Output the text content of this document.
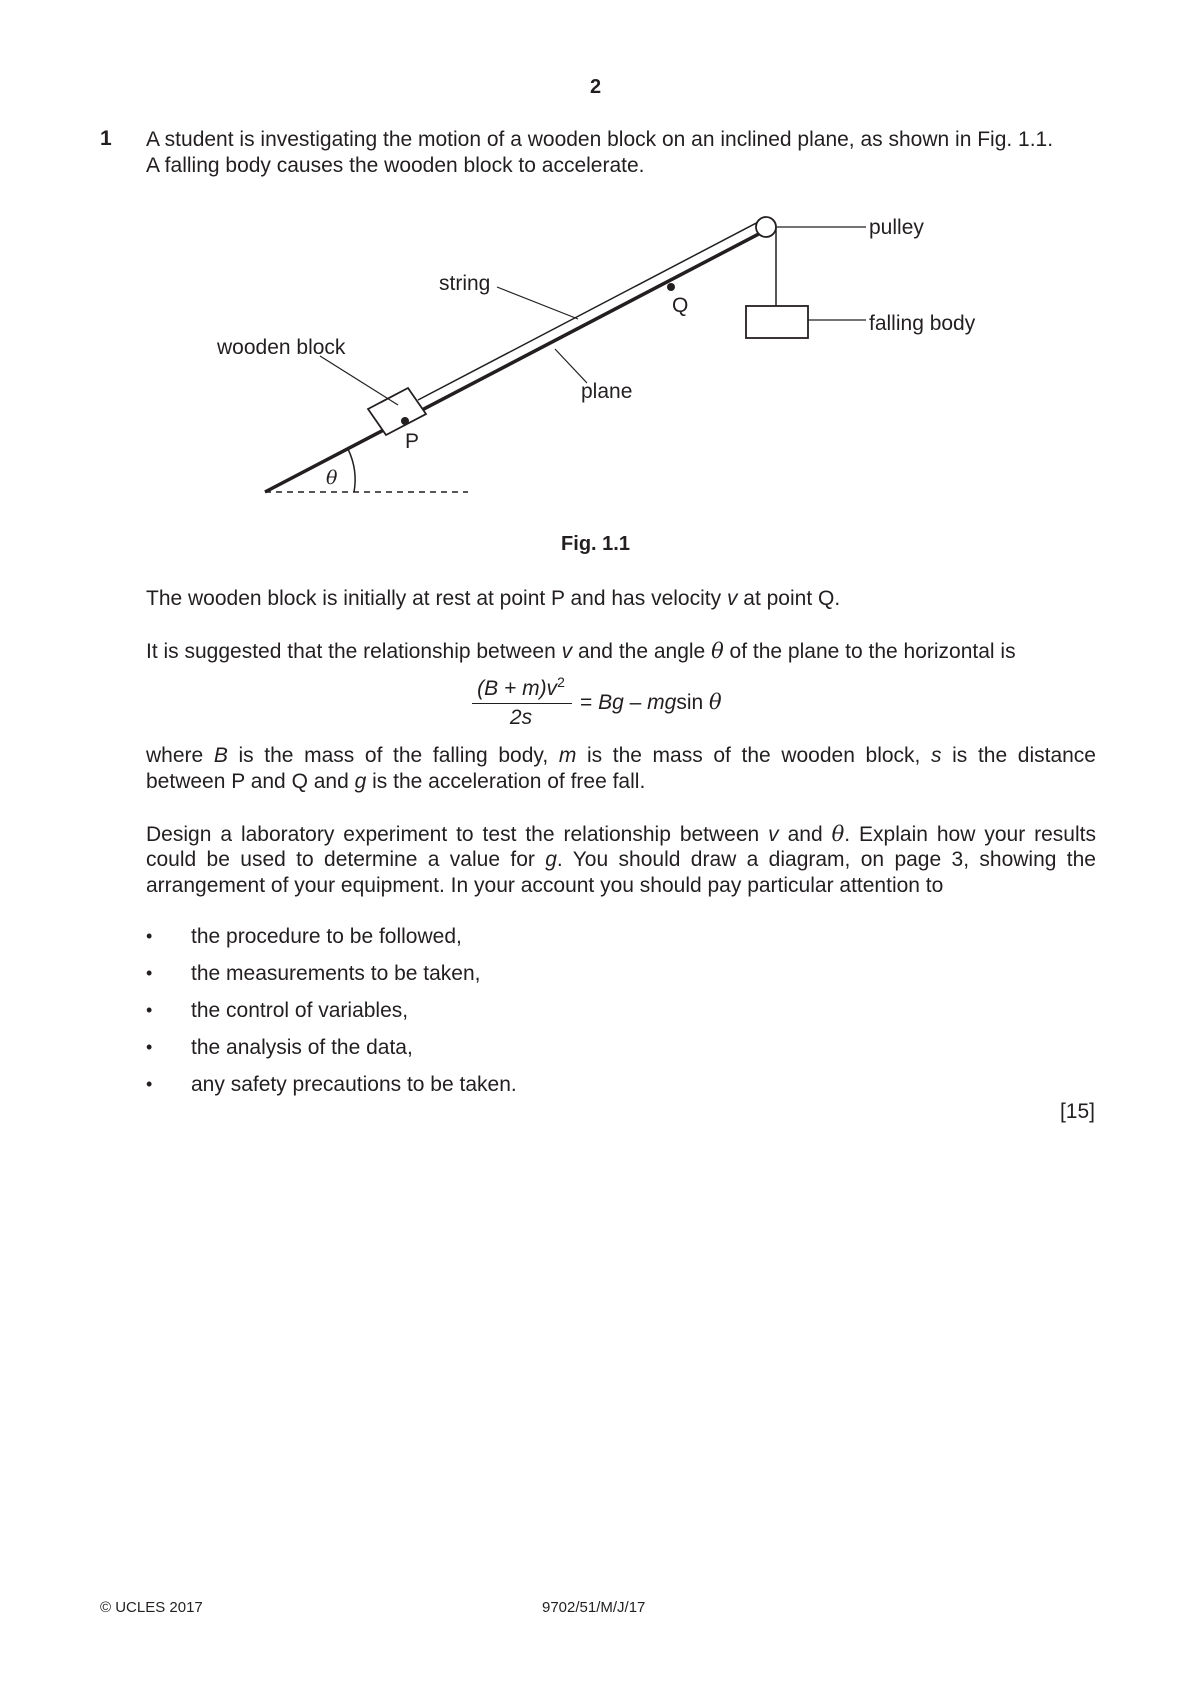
2
1 A student is investigating the motion of a wooden block on an inclined plane, as shown in Fig. 1.1.
A falling body causes the wooden block to accelerate.
pulley
falling body
string
wooden block
plane
P
Q
θ
Fig. 1.1
The wooden block is initially at rest at point P and has velocity v at point Q.
It is suggested that the relationship between v and the angle θ of the plane to the horizontal is
$(B + m)v^2$
2s
= Bg – mgsin θ
where B is the mass of the falling body, m is the mass of the wooden block, s is the distance
between P and Q and g is the acceleration of free fall.
Design a laboratory experiment to test the relationship between v and θ. Explain how your results
could be used to determine a value for g. You should draw a diagram, on page 3, showing the
arrangement of your equipment. In your account you should pay particular attention to
• the procedure to be followed,
• the measurements to be taken,
• the control of variables,
• the analysis of the data,
• any safety precautions to be taken.
[15]
© UCLES 2017	9702/51/M/J/17
